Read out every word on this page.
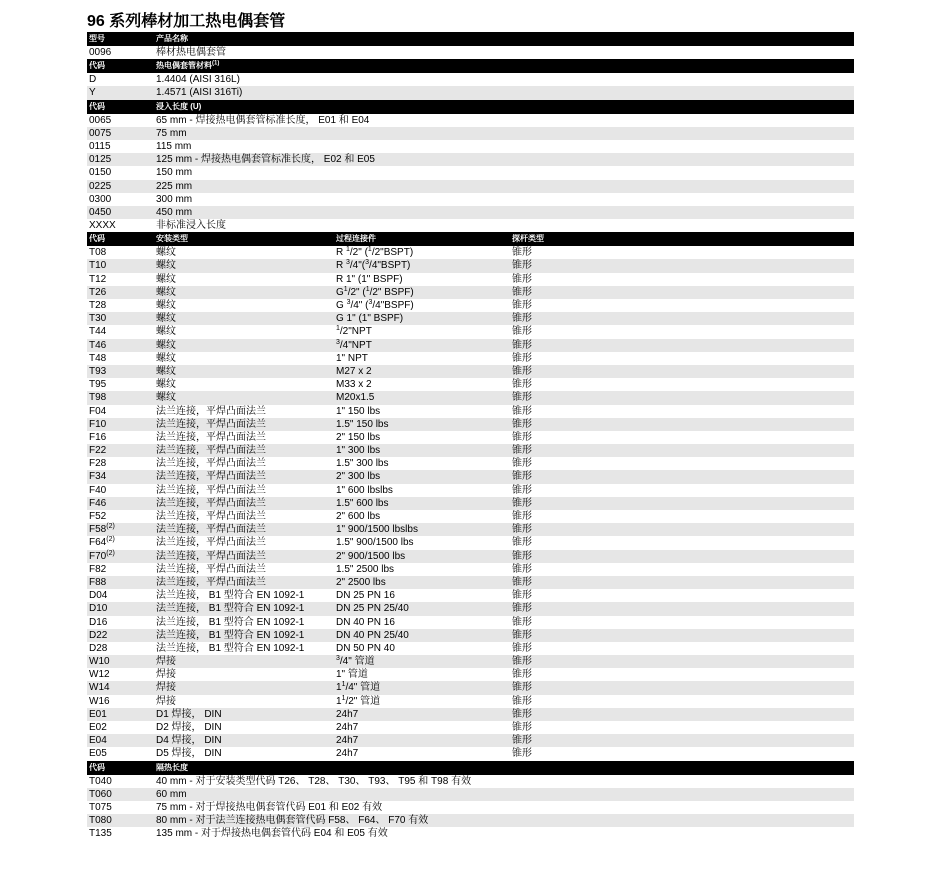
96 系列棒材加工热电偶套管
型号	产品名称
0096	棒材热电偶套管
代码	热电偶套管材料$^{(1)}$
D	1.4404 (AISI 316L)
Y	1.4571 (AISI 316Ti)
代码	浸入长度 (U)
0065	65 mm - 焊接热电偶套管标准长度， E01 和 E04
0075	75 mm
0115	115 mm
0125	125 mm - 焊接热电偶套管标准长度， E02 和 E05
0150	150 mm
0225	225 mm
0300	300 mm
0450	450 mm
XXXX	非标准浸入长度
代码	安装类型	过程连接件	探杆类型
T08	螺纹	R $^1$/2" ($^1$/2"BSPT)	锥形
T10	螺纹	R $^3$/4"($^3$/4"BSPT)	锥形
T12	螺纹	R 1" (1" BSPF)	锥形
T26	螺纹	$G^1/2$" ($^1$/2" BSPF)	锥形
T28	螺纹	G $^3$/4" ($^3$/4"BSPF)	锥形
T30	螺纹	G 1" (1" BSPF)	锥形
T44	螺纹	$^1$/2"NPT	锥形
T46	螺纹	$^3$/4"NPT	锥形
T48	螺纹	1" NPT	锥形
T93	螺纹	M27 x 2	锥形
T95	螺纹	M33 x 2	锥形
T98	螺纹	M20x1.5	锥形
F04	法兰连接，平焊凸面法兰	1" 150 lbs	锥形
F10	法兰连接，平焊凸面法兰	1.5" 150 lbs	锥形
F16	法兰连接，平焊凸面法兰	2" 150 lbs	锥形
F22	法兰连接，平焊凸面法兰	1" 300 lbs	锥形
F28	法兰连接，平焊凸面法兰	1.5" 300 lbs	锥形
F34	法兰连接，平焊凸面法兰	2" 300 lbs	锥形
F40	法兰连接，平焊凸面法兰	1" 600 lbslbs	锥形
F46	法兰连接，平焊凸面法兰	1.5" 600 lbs	锥形
F52	法兰连接，平焊凸面法兰	2" 600 lbs	锥形
F58$^{(2)}$	法兰连接，平焊凸面法兰	1" 900/1500 lbslbs	锥形
F64$^{(2)}$	法兰连接，平焊凸面法兰	1.5" 900/1500 lbs	锥形
F70$^{(2)}$	法兰连接，平焊凸面法兰	2" 900/1500 lbs	锥形
F82	法兰连接，平焊凸面法兰	1.5" 2500 lbs	锥形
F88	法兰连接，平焊凸面法兰	2" 2500 lbs	锥形
D04	法兰连接， B1 型符合 EN 1092-1	DN 25 PN 16	锥形
D10	法兰连接， B1 型符合 EN 1092-1	DN 25 PN 25/40	锥形
D16	法兰连接， B1 型符合 EN 1092-1	DN 40 PN 16	锥形
D22	法兰连接， B1 型符合 EN 1092-1	DN 40 PN 25/40	锥形
D28	法兰连接， B1 型符合 EN 1092-1	DN 50 PN 40	锥形
W10	焊接	$^3$/4" 管道	锥形
W12	焊接	1" 管道	锥形
W14	焊接	$1^1/4$" 管道	锥形
W16	焊接	$1^1/2$" 管道	锥形
E01	D1 焊接， DIN	24h7	锥形
E02	D2 焊接， DIN	24h7	锥形
E04	D4 焊接， DIN	24h7	锥形
E05	D5 焊接， DIN	24h7	锥形
代码	隔热长度
T040	40 mm - 对于安装类型代码 T26、 T28、 T30、 T93、 T95 和 T98 有效
T060	60 mm
T075	75 mm - 对于焊接热电偶套管代码 E01 和 E02 有效
T080	80 mm - 对于法兰连接热电偶套管代码 F58、 F64、 F70 有效
T135	135 mm - 对于焊接热电偶套管代码 E04 和 E05 有效
